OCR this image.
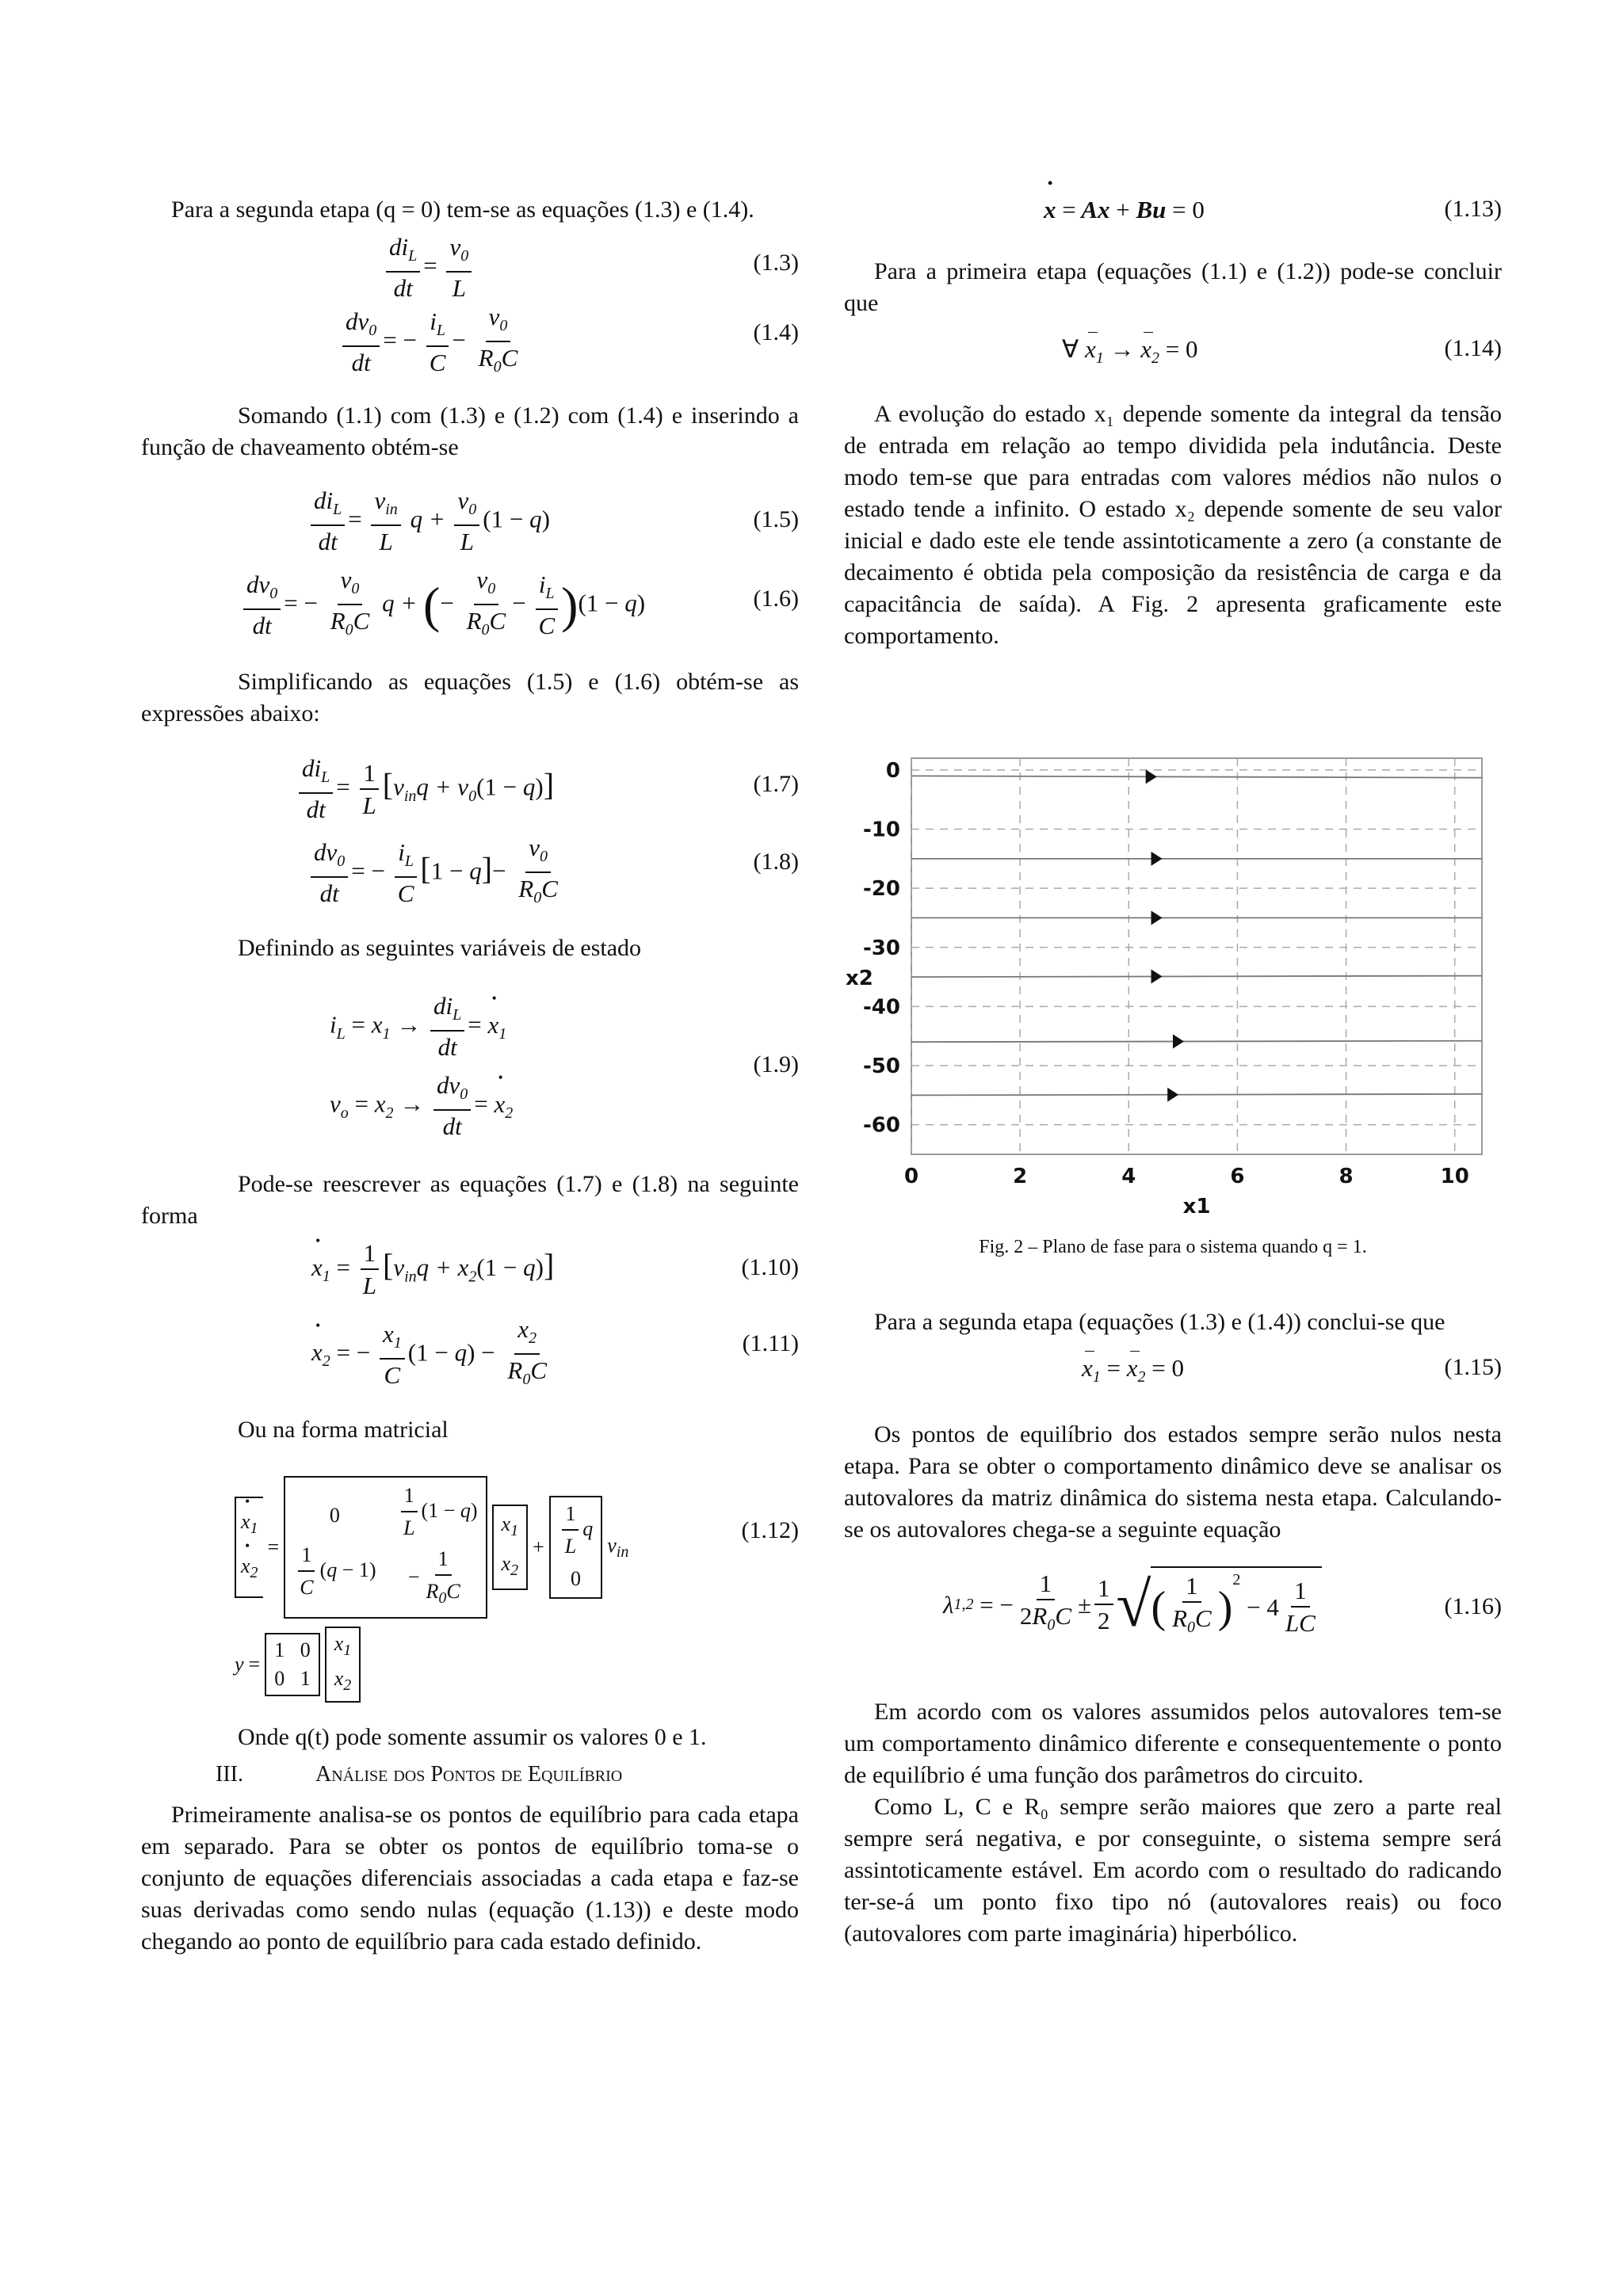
Para a segunda etapa (q = 0) tem-se as equações (1.3) e (1.4).

$\frac{di_L}{dt} = \frac{v_0}{L}$	(1.3)
$\frac{dv_0}{dt}$ = − $\frac{i_L}{C} - \frac{v_0}{R_0C}$	(1.4)

Somando (1.1) com (1.3) e (1.2) com (1.4) e inserindo a função de chaveamento obtém-se

$\frac{di_L}{dt} = \frac{v_{in}}{L}$ $q + \frac{v_0}{L} (1 - q)$	(1.5)
$\frac{dv_0}{dt}$ = − $\frac{v_0}{R_0C}$ q + (− $\frac{v_0}{R_0C} - \frac{i_L}{C} )(1 - q)$	(1.6)

Simplificando as equações (1.5) e (1.6) obtém-se as expressões abaixo:

$\frac{di_L}{dt} = \frac{1}{L} [v_{in}q + v_0(1 - q)]$	(1.7)
$\frac{dv_0}{dt}$ = − $\frac{i_L}{C} [1 - q]- \frac{v_0}{R_0C}$	(1.8)

Definindo as seguintes variáveis de estado

$i_L = x_1 \to \frac{di_L}{dt}$ = • $x_1$
$v_o = x_2 \to \frac{dv_0}{dt}$ = • $x_2$
(1.9)

Pode-se reescrever as equações (1.7) e (1.8) na seguinte forma

• $x_1 = \frac{1}{L} [v_{in}q + x_2(1 - q)]$	(1.10)
• $x_2$ = − $\frac{x_1}{C} (1 - q) - \frac{x_2}{R_0C}$	(1.11)

Ou na forma matricial

• $x_1$
• $x_2$
=
0

$\frac{1}{C} (q - 1)$
$\frac{1}{L} (1 - q)$
− $\frac{1}{R_0C}$
$x_1$
$x_2$
+ $\frac{1}{L}$ q
0
$v_{in}$
(1.12)
y =
1   0
0   1
$x_1$
$x_2$

Onde q(t) pode somente assumir os valores 0 e 1.

III.	Análise dos Pontos de Equilíbrio

Primeiramente analisa-se os pontos de equilíbrio para cada etapa em separado. Para se obter os pontos de equilíbrio toma-se o conjunto de equações diferenciais associadas a cada etapa e faz-se suas derivadas como sendo nulas (equação (1.13)) e deste modo chegando ao ponto de equilíbrio para cada estado definido.

• x = Ax + Bu = 0	(1.13)

Para a primeira etapa (equações (1.1) e (1.2)) pode-se concluir que

∀ $x_1 \to x_2 = 0$	(1.14)

A evolução do estado x₁ depende somente da integral da tensão de entrada em relação ao tempo dividida pela indutância. Deste modo tem-se que para entradas com valores médios não nulos o estado tende a infinito. O estado x₂ depende somente de seu valor inicial e dado este ele tende assintoticamente a zero (a constante de decaimento é obtida pela composição da resistência de carga e da capacitância de saída). A Fig. 2 apresenta graficamente este comportamento.

0	2	4	6	8	10
0
-10
-20
-30
-40
-50
-60
x1
x2
Fig. 2 – Plano de fase para o sistema quando q = 1.

Para a segunda etapa (equações (1.3) e (1.4)) conclui-se que

$x_1 = x_2 = 0$	(1.15)

Os pontos de equilíbrio dos estados sempre serão nulos nesta etapa. Para se obter o comportamento dinâmico deve se analisar os autovalores da matriz dinâmica do sistema nesta etapa. Calculando-se os autovalores chega-se a seguinte equação

λ 1,2 = − $\frac{1}{2R_0C} \pm \frac{1}{2}$ √ ( $\frac{1}{R_0C}$ )
$^2$
− $4 \frac{1}{LC}$	(1.16)

Em acordo com os valores assumidos pelos autovalores tem-se um comportamento dinâmico diferente e consequentemente o ponto de equilíbrio é uma função dos parâmetros do circuito.

Como L, C e R₀ sempre serão maiores que zero a parte real sempre será negativa, e por conseguinte, o sistema sempre será assintoticamente estável. Em acordo com o resultado do radicando ter-se-á um ponto fixo tipo nó (autovalores reais) ou foco (autovalores com parte imaginária) hiperbólico.
